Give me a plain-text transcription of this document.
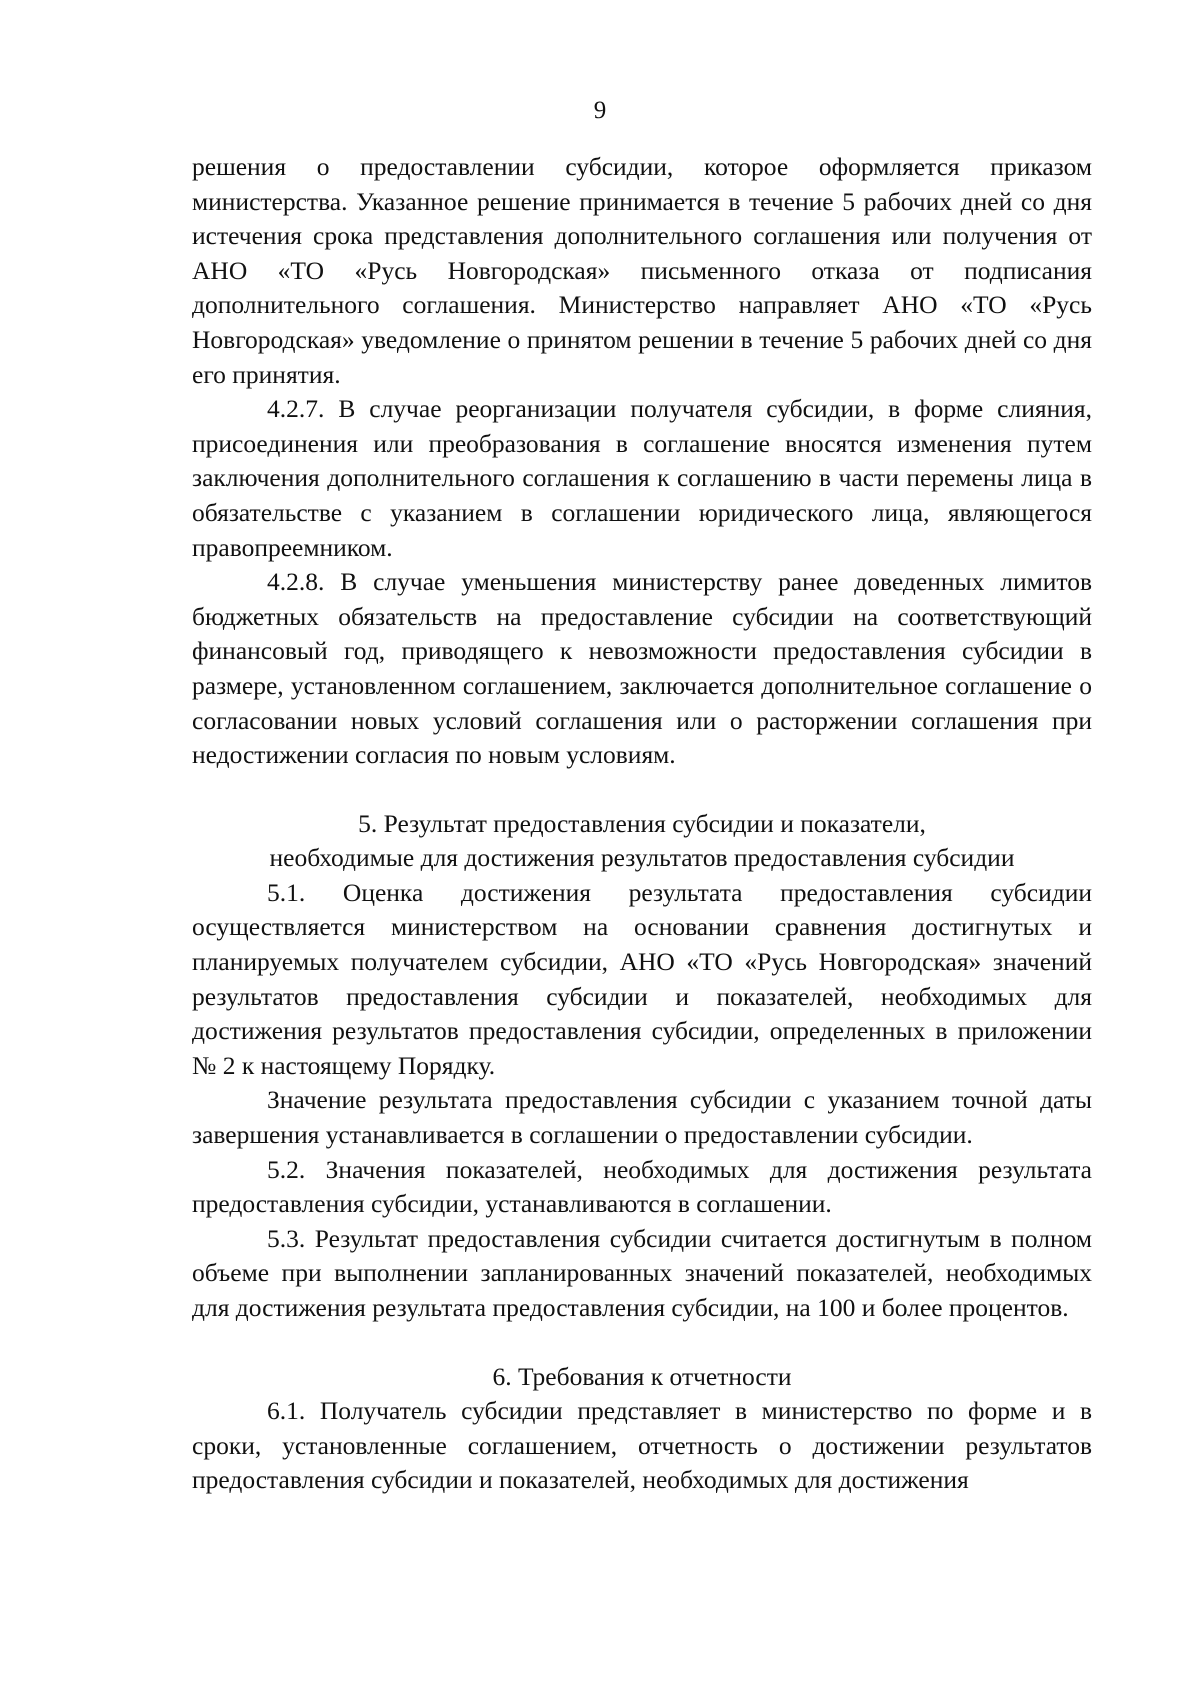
9

решения о предоставлении субсидии, которое оформляется приказом министерства. Указанное решение принимается в течение 5 рабочих дней со дня истечения срока представления дополнительного соглашения или получения от АНО «ТО «Русь Новгородская» письменного отказа от подписания дополнительного соглашения. Министерство направляет АНО «ТО «Русь Новгородская» уведомление о принятом решении в течение 5 рабочих дней со дня его принятия.

4.2.7. В случае реорганизации получателя субсидии, в форме слияния, присоединения или преобразования в соглашение вносятся изменения путем заключения дополнительного соглашения к соглашению в части перемены лица в обязательстве с указанием в соглашении юридического лица, являющегося правопреемником.

4.2.8. В случае уменьшения министерству ранее доведенных лимитов бюджетных обязательств на предоставление субсидии на соответствующий финансовый год, приводящего к невозможности предоставления субсидии в размере, установленном соглашением, заключается дополнительное соглашение о согласовании новых условий соглашения или о расторжении соглашения при недостижении согласия по новым условиям.

5. Результат предоставления субсидии и показатели,
необходимые для достижения результатов предоставления субсидии

5.1. Оценка достижения результата предоставления субсидии осуществляется министерством на основании сравнения достигнутых и планируемых получателем субсидии, АНО «ТО «Русь Новгородская» значений результатов предоставления субсидии и показателей, необходимых для достижения результатов предоставления субсидии, определенных в приложении № 2 к настоящему Порядку.

Значение результата предоставления субсидии с указанием точной даты завершения устанавливается в соглашении о предоставлении субсидии.

5.2. Значения показателей, необходимых для достижения результата предоставления субсидии, устанавливаются в соглашении.

5.3. Результат предоставления субсидии считается достигнутым в полном объеме при выполнении запланированных значений показателей, необходимых для достижения результата предоставления субсидии, на 100 и более процентов.

6. Требования к отчетности

6.1. Получатель субсидии представляет в министерство по форме и в сроки, установленные соглашением, отчетность о достижении результатов предоставления субсидии и показателей, необходимых для достижения
